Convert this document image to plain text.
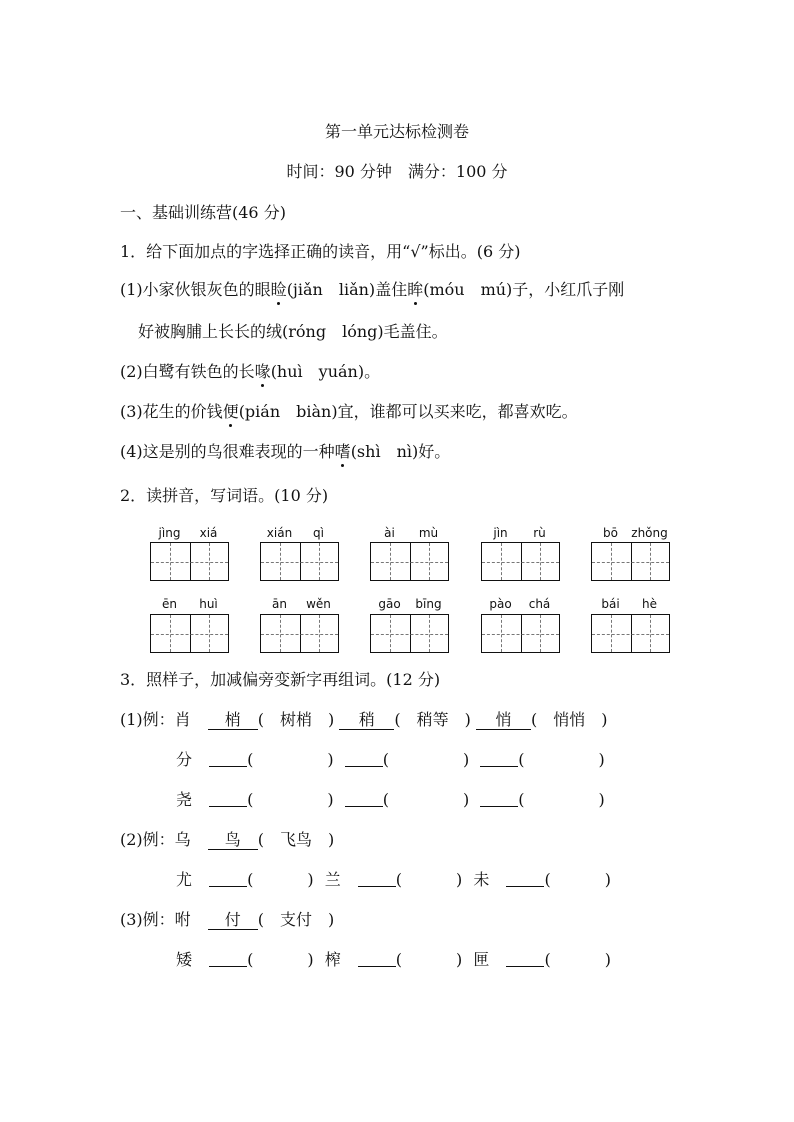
第一单元达标检测卷
时间：90 分钟　满分：100 分
一、基础训练营(46 分)
1．给下面加点的字选择正确的读音，用“√”标出。(6 分)
(1)小家伙银灰色的眼睑(jiǎn　liǎn)盖住眸(móu　mú)子，小红爪子刚
好被胸脯上长长的绒(róng　lóng)毛盖住。
(2)白鹭有铁色的长喙(huì　yuán)。
(3)花生的价钱便(pián　biàn)宜，谁都可以买来吃，都喜欢吃。
(4)这是别的鸟很难表现的一种嗜(shì　nì)好。
2．读拼音，写词语。(10 分)
jìng	xiá	xián	qì	ài	mù	jìn	rù	bō	zhǒng
ēn	huì	ān	wěn	gāo	bīng	pào	chá	bái	hè
3．照样子，加减偏旁变新字再组词。(12 分)
(1)例：肖 梢 (　树梢　) 稍 (　稍等　) 悄 (　悄悄　)
分	(	)	(	)	(	)
尧	(	)	(	)	(	)
(2)例：乌 鸟 (　飞鸟　)
尤	(	) 兰	(	) 未	(	)
(3)例：咐 付 (　支付　)
矮	(	) 榨	(	) 匣	(	)
